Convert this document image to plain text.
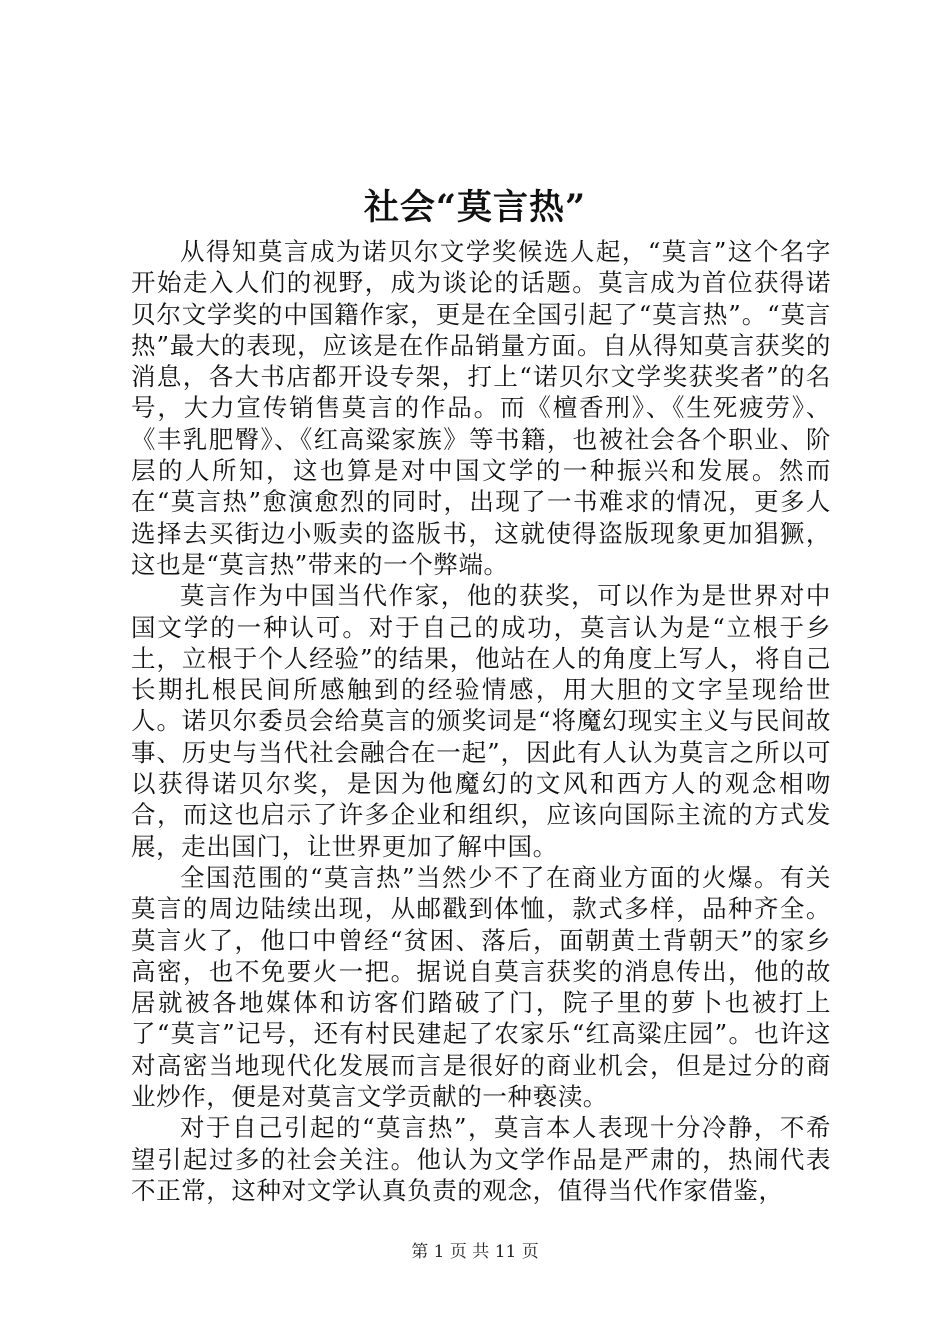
社会“莫言热”

从得知莫言成为诺贝尔文学奖候选人起，“莫言”这个名字开始走入人们的视野，成为谈论的话题。莫言成为首位获得诺贝尔文学奖的中国籍作家，更是在全国引起了“莫言热”。“莫言热”最大的表现，应该是在作品销量方面。自从得知莫言获奖的消息，各大书店都开设专架，打上“诺贝尔文学奖获奖者”的名号，大力宣传销售莫言的作品。而《檀香刑》、《生死疲劳》、《丰乳肥臀》、《红高粱家族》等书籍，也被社会各个职业、阶层的人所知，这也算是对中国文学的一种振兴和发展。然而在“莫言热”愈演愈烈的同时，出现了一书难求的情况，更多人选择去买街边小贩卖的盗版书，这就使得盗版现象更加猖獗，这也是“莫言热”带来的一个弊端。

莫言作为中国当代作家，他的获奖，可以作为是世界对中国文学的一种认可。对于自己的成功，莫言认为是“立根于乡土，立根于个人经验”的结果，他站在人的角度上写人，将自己长期扎根民间所感触到的经验情感，用大胆的文字呈现给世人。诺贝尔委员会给莫言的颁奖词是“将魔幻现实主义与民间故事、历史与当代社会融合在一起”，因此有人认为莫言之所以可以获得诺贝尔奖，是因为他魔幻的文风和西方人的观念相吻合，而这也启示了许多企业和组织，应该向国际主流的方式发展，走出国门，让世界更加了解中国。

全国范围的“莫言热”当然少不了在商业方面的火爆。有关莫言的周边陆续出现，从邮戳到体恤，款式多样，品种齐全。莫言火了，他口中曾经“贫困、落后，面朝黄土背朝天”的家乡高密，也不免要火一把。据说自莫言获奖的消息传出，他的故居就被各地媒体和访客们踏破了门，院子里的萝卜也被打上了“莫言”记号，还有村民建起了农家乐“红高粱庄园”。也许这对高密当地现代化发展而言是很好的商业机会，但是过分的商业炒作，便是对莫言文学贡献的一种亵渎。

对于自己引起的“莫言热”，莫言本人表现十分冷静，不希望引起过多的社会关注。他认为文学作品是严肃的，热闹代表不正常，这种对文学认真负责的观念，值得当代作家借鉴，

第 1 页 共 11 页
